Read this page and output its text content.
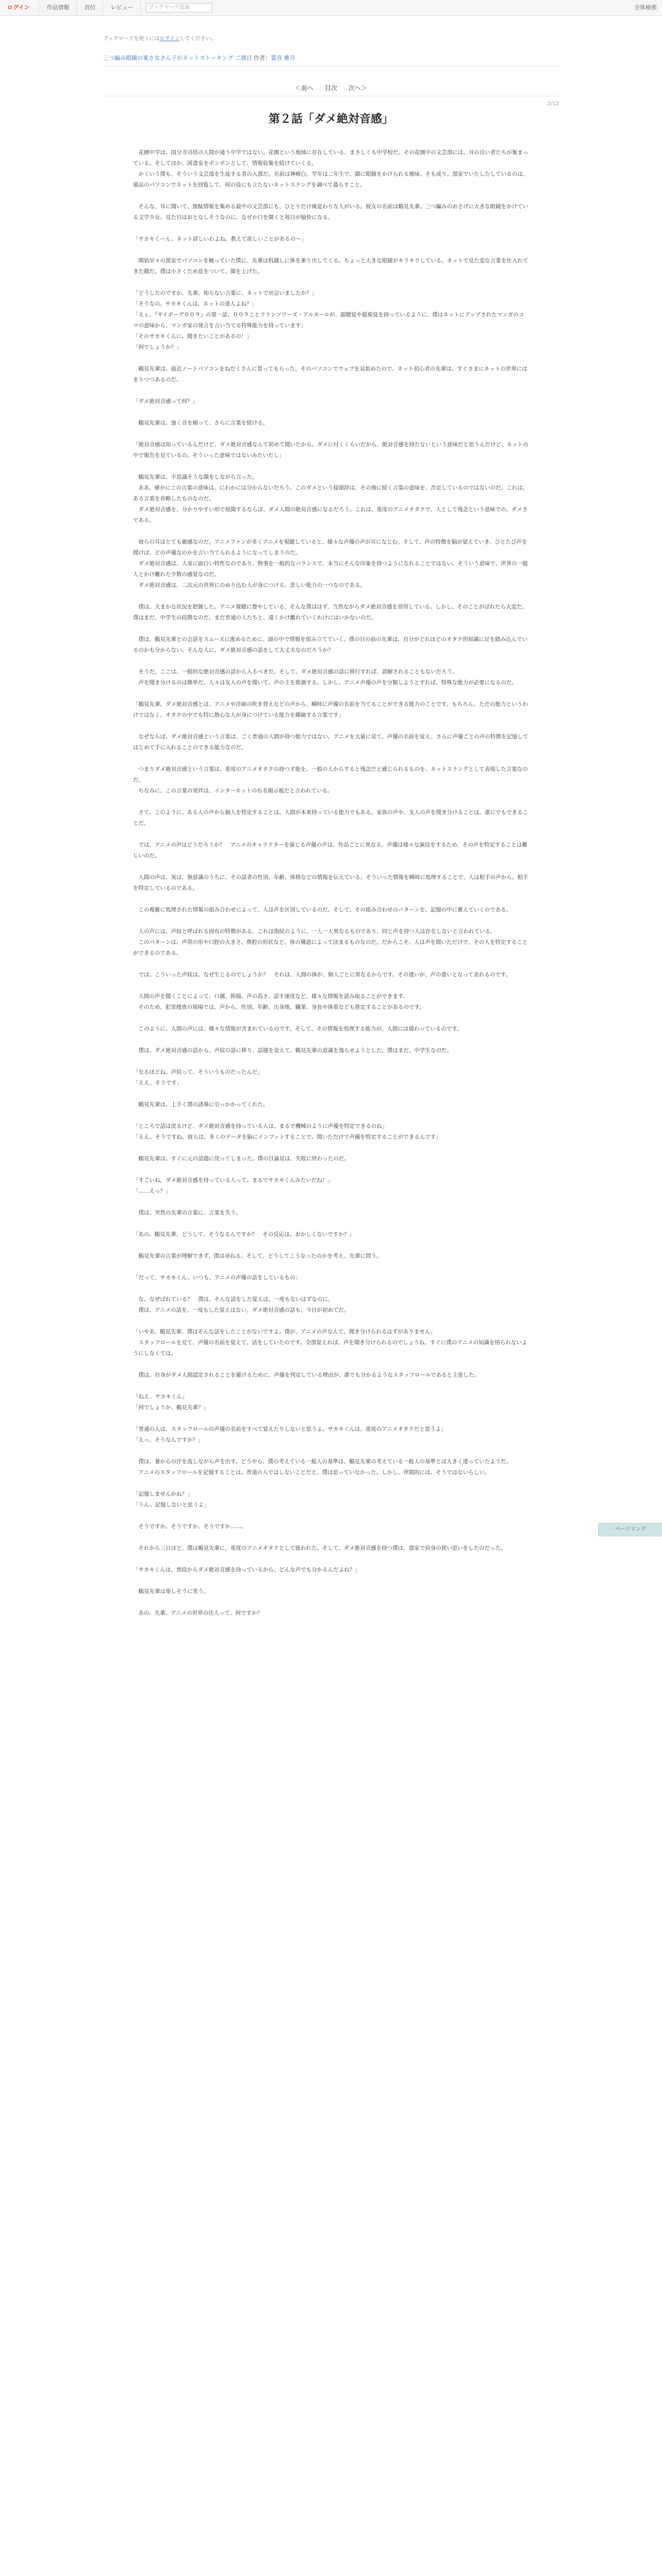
ログイン	作品情報	首位	レビュー	ブックマーク追加	全体検索
ブックマークを使うにはログインしてください。
三つ編み眼鏡の案さ女さん子がネットストッキング 二週目 作者：霊音 雅月
＜前へ 目次 次へ＞
2/12
第２話「ダメ絶対音感」

　花園中学は、国分寺司塔の人間が通う中学ではない。花園という地域に存在している、まさしくも中学校だ。その花園中の文芸部には、耳の良い者たちが集まっている。そしてほか、図書室をポンポンとして、情報収集を続けていくる。

　かくいう僕も、そういう文芸部を生徒する者の入部だ。名前は神崎白。学年は二年生で、顔に眼鏡をかけられる地味、そも成り。部室でいたしたしているのは、備品のパソコンでネットを回覧して、何の役にも立たないネットスラングを調べて暮らすこと。

　そんな、耳に聞いて、無駄情報を集める最中の文芸部にも、ひとりだけ風変わりな人がいる。彼女の名前は鶴見先輩。三つ編みのおさげに大きな眼鏡をかけている文学少女。見た目はおとなしそうなのに、なぜか口を開くと毎日が愉快になる。

「サカキくーん、ネット詳しいわよね。教えて欲しいことがあるの～」

　開始早々の部室でパソコンを触っていた僕に、先輩は机越しに体を乗り出してくる。ちょっと大きな眼鏡がキラキラしている。ネットで見た変な言葉を仕入れてきた顔だ。僕は小さくため息をついて、顔を上げた。

「どうしたのですか、先輩。知らない言葉に、ネットで出会いましたか？」

「そうなの。サカキくんは、ネットの達人よね？」

「えぇ、『サイボーグ００９』の第一話、００９ことフランソワーズ・アルヌールが、超聴覚や超視覚を持っているように、僕はネットにアップされたマンガのコマの意味から、マンガ家の発言を言い当てる特殊能力を持っています」

「そのサカキくんに、聞きたいことがあるの！」

「何でしょうか？」

　鶴見先輩は、最近ノートパソコンをねだくさんに買ってもらった。そのパソコンでウェブを見始めたので、ネット初心者の先輩は、すぐさまにネットの世界にはまりつつあるのだ。

「ダメ絶対音感って何？」

　鶴見先輩は、強く首を傾って、さらに言葉を続ける。

「絶対音感は知っているんだけど、ダメ絶対音感なんて初めて聞いたから。ダメに付くくらいだから、絶対音感を持たないという意味だと思うんだけど、ネットの中で報告を見ているの。そういった意味ではないみたいだし」

　鶴見先輩は、不思議そうな顔をしながら言った。

　ああ、確かにこの言葉の意味は、にわかには分からないだろう。このダメという接頭辞は、その後に続く言葉の意味を、否定しているのではないのだ。これは、ある言葉を省略したものなのだ。

　ダメ絶対音感を、分かりやすい形で展開するならば、ダメ人間の絶対音感になるだろう。これは、重度のアニメオタクで、人として残念という意味での、ダメさである。

　彼らの耳はとても敏感なのだ。アニメファンが多くアニメを視聴していると、様々な声優の声が耳になじむ。そして、声の特徴を脳が覚えていき、ひとたび声を聞けば、どの声優なのかを言い当てられるようになってしまうのだ。

　ダメ絶対音感は、人並に面白い特性なのであり、物事を一般的なバランスで、本当にそんな印象を持つようになれることではない。そういう意味で、世界の一般人とかけ離れた少数の感覚なのだ。

　ダメ絶対音感は、二次元の世界にのめり込む人が身につける、悲しい能力の一つなのである。

　僕は、大まかな状況を把握した。アニメ視聴に費やしている、そんな僕ははず、当然ながらダメ絶対音感を習得している。しかし、そのことがばれたら大変だ。僕はまだ、中学生の段階なのだ。まだ普通の人たちと、遠くかけ離れていくわけにはいかないのだ。

　僕は、鶴見先輩との会話をスムーズに進めるために、頭の中で情報を組み立てていく。僕の目の前の先輩は、自分がどれほどのオタク的知識に足を踏み込んでいるのかも分からない。そんな人に、ダメ絶対音感の話をして大丈夫なのだろうか？

　そうだ。ここは、一般的な絶対音感の話から入るべきだ。そして、ダメ絶対音感の話に移行すれば、誤解されることもないだろう。

　声を聞き分けるのは簡単だ。人々は友人の声を聞いて、声の主を推測する。しかし、アニメ声優の声を分類しようとすれば、特殊な能力が必要になるのだ。

「鶴見先輩。ダメ絶対音感とは、アニメや洋画の吹き替えなどの声から、瞬時に声優の名前を当てることができる能力のことです。もちろん、ただの能力というわけではなく、オタクの中でも特に熱心な人が身につけている能力を揶揄する言葉です」

　なぜならば、ダメ絶対音感という言葉は、ごく普通の人間が持つ能力ではない。アニメを大量に見て、声優の名前を覚え、さらに声優ごとの声の特徴を記憶してはじめて手に入れることのできる能力なのだ。

　つまりダメ絶対音感という言葉は、重度のアニメオタクの持つ才能を、一般の人からすると残念だと感じられるものを、ネットスラングとして表現した言葉なのだ。

　ちなみに、この言葉の発祥は、インターネットの有名掲示板だと言われている。

　さて、このように、ある人の声から個人を特定することは、人間が本来持っている能力でもある。家族の声や、友人の声を聞き分けることは、誰にでもできることだ。

　では、アニメの声はどうだろうか？　アニメのキャラクターを演じる声優の声は、作品ごとに異なる。声優は様々な演技をするため、その声を特定することは難しいのだ。

　人間の声は、実は、無意識のうちに、その話者の性別、年齢、体格などの情報を伝えている。そういった情報を瞬時に処理することで、人は相手の声から、相手を特定しているのである。

　この複雑に処理された情報の組み合わせによって、人は声を区別しているのだ。そして、その組み合わせのパターンを、記憶の中に蓄えていくのである。

　人の声には、声紋と呼ばれる固有の特徴がある。これは指紋のように、一人一人異なるものであり、同じ声を持つ人は存在しないと言われている。

　このパターンは、声帯の形や口腔の大きさ、鼻腔の形状など、体の構造によって決まるものなのだ。だからこそ、人は声を聞いただけで、その人を特定することができるのである。

　では、こういった声紋は、なぜ生じるのでしょうか？　それは、人間の体が、個人ごとに異なるからです。その違いが、声の違いとなって表れるのです。

　人間の声を聞くことによって、口調、抑揚、声の高さ、話す速度など、様々な情報を読み取ることができます。

　そのため、犯罪捜査の現場では、声から、性別、年齢、出身地、職業、身長や体重なども推定することがあるのです。

　このように、人間の声には、様々な情報が含まれているのです。そして、その情報を処理する能力が、人間には備わっているのです。

　僕は、ダメ絶対音感の話から、声紋の話に移り、話題を変えて、鶴見先輩の意識を逸らせようとした。僕はまだ、中学生なのだ。

「なるほどね。声紋って、そういうものだったんだ」

「ええ、そうです」

　鶴見先輩は、上手く僕の誘導に引っかかってくれた。

「ところで話は戻るけど、ダメ絶対音感を持っている人は、まるで機械のように声優を特定できるのね」

「ええ。そうですね。彼らは、多くのデータを脳にインプットすることで、聞いただけで声優を特定することができるんです」

　鶴見先輩は、すぐに元の話題に戻ってしまった。僕の目論見は、失敗に終わったのだ。

「すごいね。ダメ絶対音感を持っている人って。まるでサカキくんみたいだね！」

「……えっ？」

　僕は、突然の先輩の言葉に、言葉を失う。

「あの、鶴見先輩、どうして、そうなるんですか？　その反応は、おかしくないですか？」

　鶴見先輩の言葉が理解できず、僕は尋ねる。そして、どうしてこうなったのかを考え、先輩に問う。

「だって、サカキくん、いつも、アニメの声優の話をしているもの」

　な、なぜばれている？　僕は、そんな話をした覚えは、一度もないはずなのに。

　僕は、アニメの話を、一度もした覚えはない。ダメ絶対音感の話も、今日が初めてだ。

「いやあ、鶴見先輩、僕はそんな話をしたことがないですよ。僕が、アニメの声なんて、聞き分けられるはずがありません」

　スタッフロールを見て、声優の名前を覚えて、話をしていたのです。全部覚えれば、声を聞き分けられるのでしょうね。すぐに僕のアニメの知識を悟られないようにしなくては。

　僕は、自身がダメ人間認定されることを避けるために、声優を判定している理由が、誰でも分かるようなスタッフロールであると主張した。

「ねえ、サカキくん」

「何でしょうか、鶴見先輩？」

「普通の人は、スタッフロールの声優の名前をすべて覚えたりしないと思うよ。サカキくんは、重度のアニメオタクだと思うよ」

「えっ、そうなんですか？」

　僕は、暑からの汗を流しながら声を出す。どうやら、僕の考えている一般人の基準は、鶴見先輩の考えている一般人の基準とは大きく違っていたようだ。

　アニメのスタッフロールを記憶することは、普通の人ではしないことだと、僕は思っていなかった。しかし、世間的には、そうではないらしい。

「記憶しませんかね？」

「うん。記憶しないと思うよ」

　そうですか。そうですか。そうですか……。

　それから三日ほど、僕は鶴見先輩に、重度のアニメオタクとして扱われた。そして、ダメ絶対音感を持つ僕は、部室で肩身の狭い思いをしたのだった。

「サカキくんは、普段からダメ絶対音感を持っているから、どんな声でも分かるんだよね？」

　鶴見先輩は楽しそうに笑う。

　あの、先輩、アニメの世界の住人って、何ですか？

ページリング
